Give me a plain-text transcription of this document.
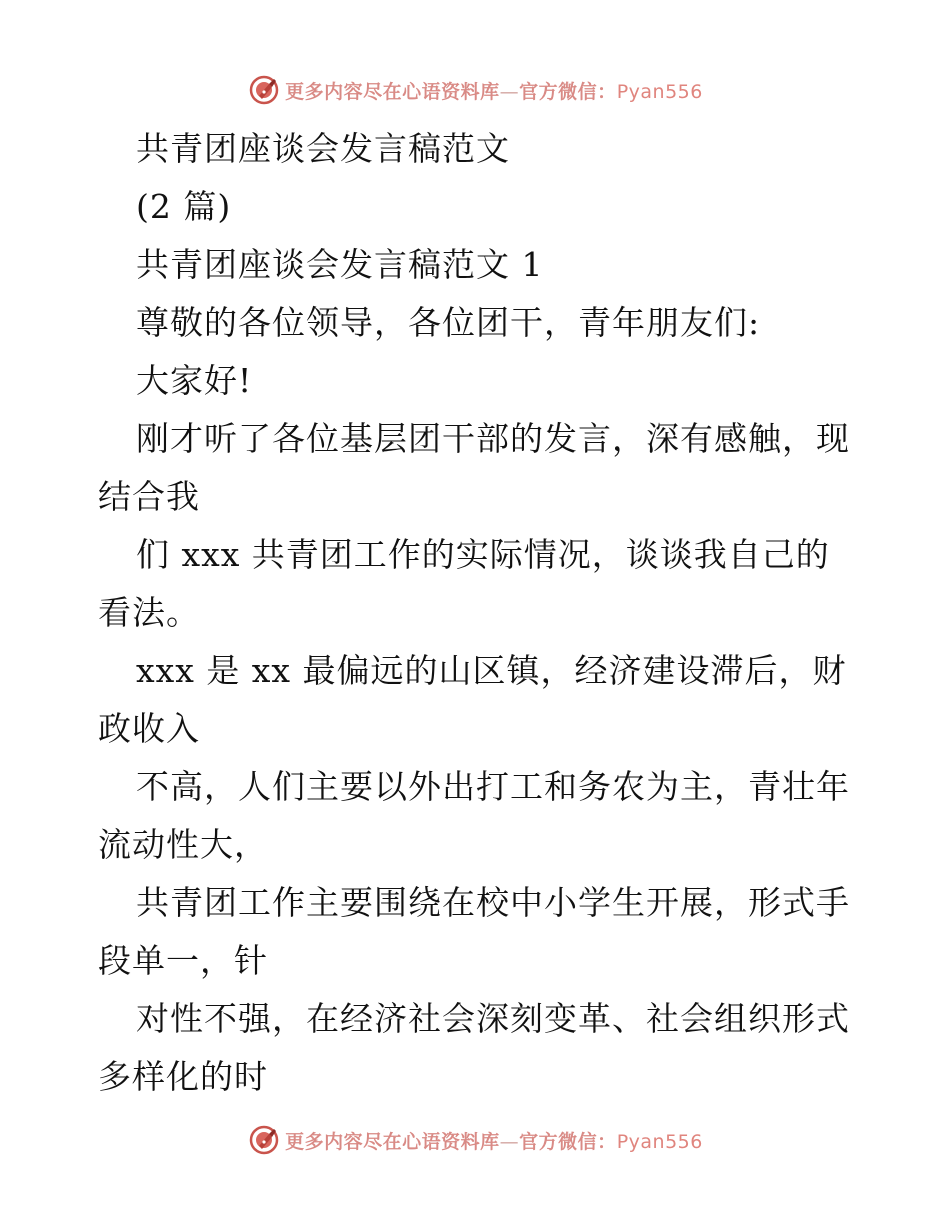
更多内容尽在心语资料库—官方微信：Pyan556
共青团座谈会发言稿范文
(2 篇)
共青团座谈会发言稿范文 1
尊敬的各位领导，各位团干，青年朋友们:
大家好!
刚才听了各位基层团干部的发言，深有感触，现
结合我
们 xxx 共青团工作的实际情况，谈谈我自己的
看法。
xxx 是 xx 最偏远的山区镇，经济建设滞后，财
政收入
不高，人们主要以外出打工和务农为主，青壮年
流动性大，
共青团工作主要围绕在校中小学生开展，形式手
段单一，针
对性不强，在经济社会深刻变革、社会组织形式
多样化的时
更多内容尽在心语资料库—官方微信：Pyan556
